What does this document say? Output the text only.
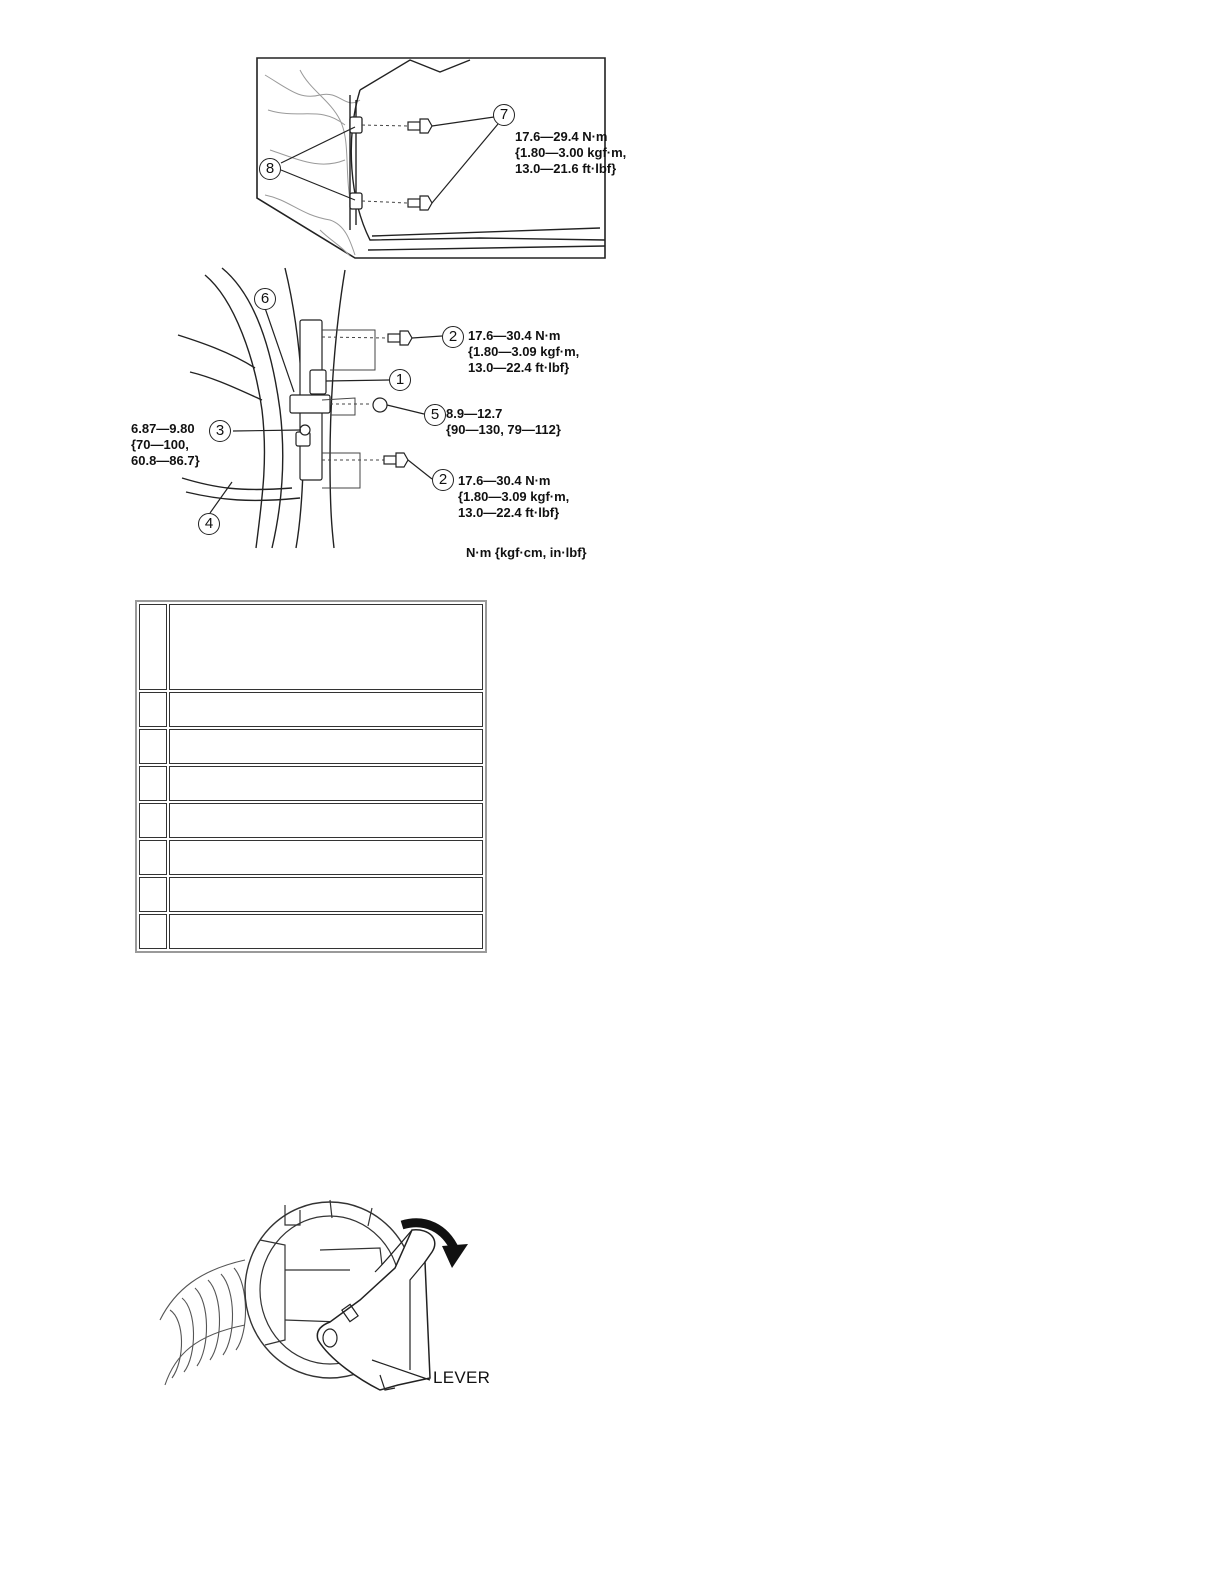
7
8
17.6—29.4 N·m
{1.80—3.00 kgf·m,
13.0—21.6 ft·lbf}
6
2
1
5
3
2
4
17.6—30.4 N·m
{1.80—3.09 kgf·m,
13.0—22.4 ft·lbf}
8.9—12.7
{90—130, 79—112}
6.87—9.80
{70—100,
60.8—86.7}
17.6—30.4 N·m
{1.80—3.09 kgf·m,
13.0—22.4 ft·lbf}
N·m {kgf·cm, in·lbf}

LEVER
